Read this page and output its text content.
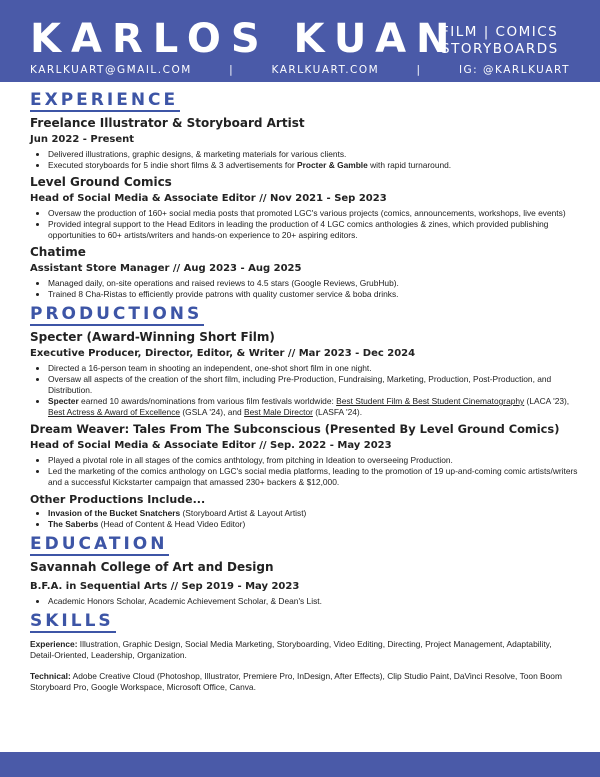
KARLOS KUAN
FILM | COMICS
STORYBOARDS
KARLKUART@GMAIL.COM	|	KARLKUART.COM	|	IG: @KARLKUART
EXPERIENCE
Freelance Illustrator & Storyboard Artist
Jun 2022 - Present
• Delivered illustrations, graphic designs, & marketing materials for various clients.
• Executed storyboards for 5 indie short films & 3 advertisements for Procter & Gamble with rapid turnaround.
Level Ground Comics
Head of Social Media & Associate Editor // Nov 2021 - Sep 2023
• Oversaw the production of 160+ social media posts that promoted LGC's various projects (comics, announcements, workshops, live events)
• Provided integral support to the Head Editors in leading the production of 4 LGC comics anthologies & zines, which provided publishing opportunities to 60+ artists/writers and hands-on experience to 20+ aspiring editors.
Chatime
Assistant Store Manager // Aug 2023 - Aug 2025
• Managed daily, on-site operations and raised reviews to 4.5 stars (Google Reviews, GrubHub).
• Trained 8 Cha-Ristas to efficiently provide patrons with quality customer service & boba drinks.
PRODUCTIONS
Specter (Award-Winning Short Film)
Executive Producer, Director, Editor, & Writer // Mar 2023 - Dec 2024
• Directed a 16-person team in shooting an independent, one-shot short film in one night.
• Oversaw all aspects of the creation of the short film, including Pre-Production, Fundraising, Marketing, Production, Post-Production, and Distribution.
• Specter earned 10 awards/nominations from various film festivals worldwide: Best Student Film & Best Student Cinematography (LACA '23), Best Actress & Award of Excellence (GSLA '24), and Best Male Director (LASFA '24).
Dream Weaver: Tales From The Subconscious (Presented By Level Ground Comics)
Head of Social Media & Associate Editor // Sep. 2022 - May 2023
• Played a pivotal role in all stages of the comics anthtology, from pitching in Ideation to overseeing Production.
• Led the marketing of the comics anthology on LGC's social media platforms, leading to the promotion of 19 up-and-coming comic artists/writers and a successful Kickstarter campaign that amassed 230+ backers & $12,000.
Other Productions Include...
• Invasion of the Bucket Snatchers (Storyboard Artist & Layout Artist)
• The Saberbs (Head of Content & Head Video Editor)
EDUCATION
Savannah College of Art and Design
B.F.A. in Sequential Arts // Sep 2019 - May 2023
• Academic Honors Scholar, Academic Achievement Scholar, & Dean's List.
SKILLS

Experience: Illustration, Graphic Design, Social Media Marketing, Storyboarding, Video Editing, Directing, Project Management, Adaptability, Detail-Oriented, Leadership, Organization.

Technical: Adobe Creative Cloud (Photoshop, Illustrator, Premiere Pro, InDesign, After Effects), Clip Studio Paint, DaVinci Resolve, Toon Boom Storyboard Pro, Google Workspace, Microsoft Office, Canva.
